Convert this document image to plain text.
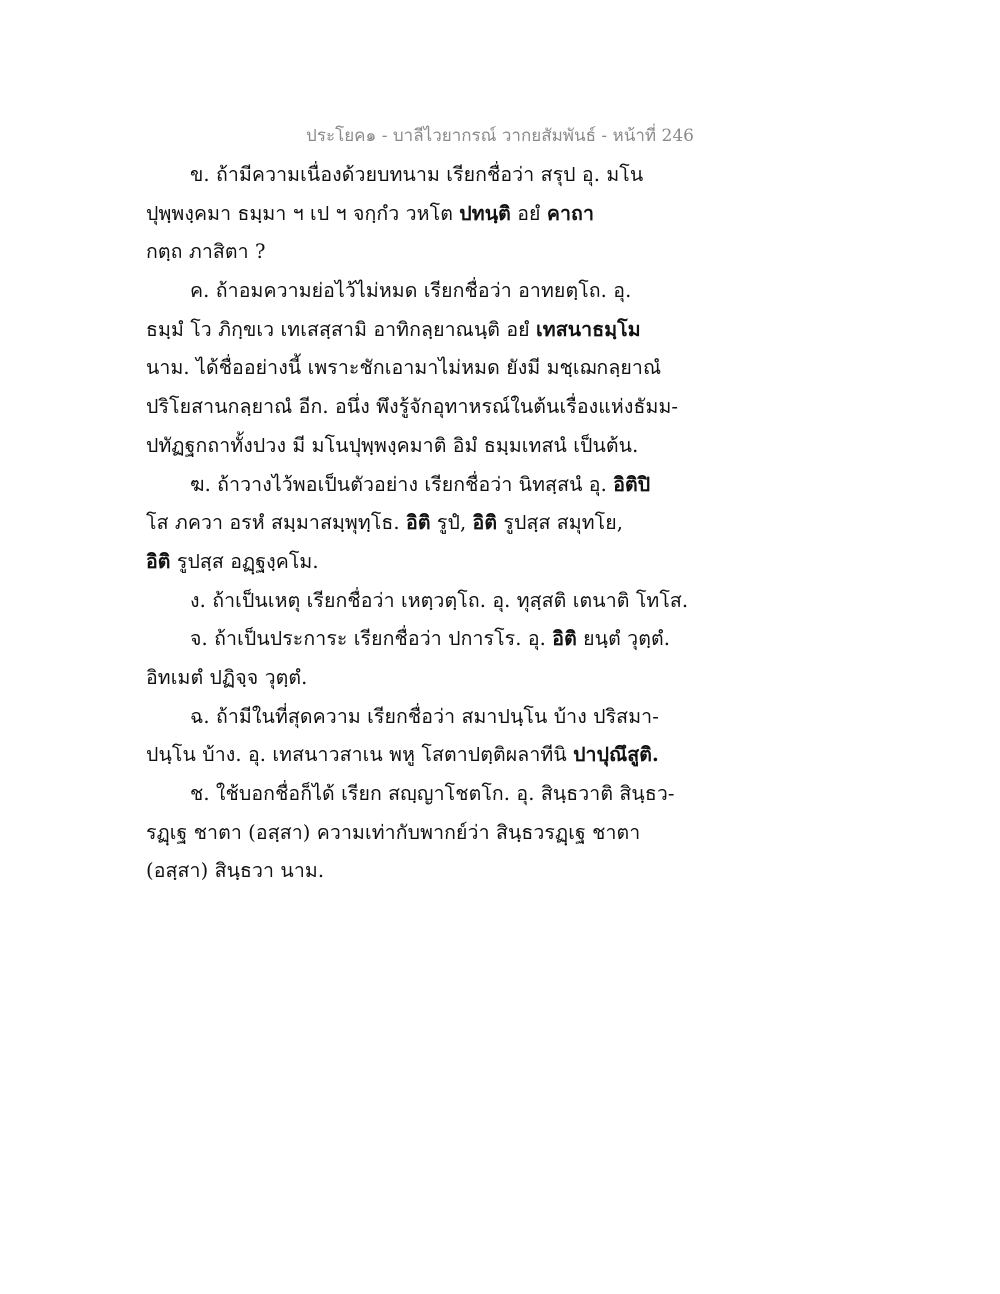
ประโยค๑ - บาลีไวยากรณ์ วากยสัมพันธ์ - หน้าที่ 246
ข. ถ้ามีความเนื่องด้วยบทนาม เรียกชื่อว่า สรุป อุ. มโน
ปุพฺพงฺคมา ธมฺมา ฯ เป ฯ จกฺกํว วหโต ปทนฺติ อยํ คาถา
กตฺถ ภาสิตา ?
ค. ถ้าอมความย่อไว้ไม่หมด เรียกชื่อว่า อาทยตฺโถ. อุ.
ธมฺมํ โว ภิกฺขเว เทเสสฺสามิ อาทิกลฺยาณนฺติ อยํ เทสนาธมฺโม
นาม. ได้ชื่ออย่างนี้ เพราะชักเอามาไม่หมด ยังมี มชฺเฌกลฺยาณํ
ปริโยสานกลฺยาณํ อีก. อนึ่ง พึงรู้จักอุทาหรณ์ในต้นเรื่องแห่งธัมม-
ปทัฏฐกถาทั้งปวง มี มโนปุพฺพงฺคมาติ อิมํ ธมฺมเทสนํ เป็นต้น.
ฆ. ถ้าวางไว้พอเป็นตัวอย่าง เรียกชื่อว่า นิทสฺสนํ อุ. อิติปิ
โส ภควา อรหํ สมฺมาสมฺพุทฺโธ. อิติ รูปํ, อิติ รูปสฺส สมุทโย,
อิติ รูปสฺส อฏฺฐงฺคโม.
ง. ถ้าเป็นเหตุ เรียกชื่อว่า เหตฺวตฺโถ. อุ. ทุสฺสติ เตนาติ โทโส.
จ. ถ้าเป็นประการะ เรียกชื่อว่า ปการโร. อุ. อิติ ยนฺตํ วุตฺตํ.
อิทเมตํ ปฏิจฺจ วุตฺตํ.
ฉ. ถ้ามีในที่สุดความ เรียกชื่อว่า สมาปนฺโน บ้าง ปริสมา-
ปนฺโน บ้าง. อุ. เทสนาวสาเน พหู โสตาปตฺติผลาทีนิ ปาปุณึสูติ.
ช. ใช้บอกชื่อก็ได้ เรียก สญฺญาโชตโก. อุ. สินฺธวาติ สินฺธว-
รฏฺเฐ ชาตา (อสฺสา) ความเท่ากับพากย์ว่า สินฺธวรฏฺเฐ ชาตา
(อสฺสา) สินฺธวา นาม.
